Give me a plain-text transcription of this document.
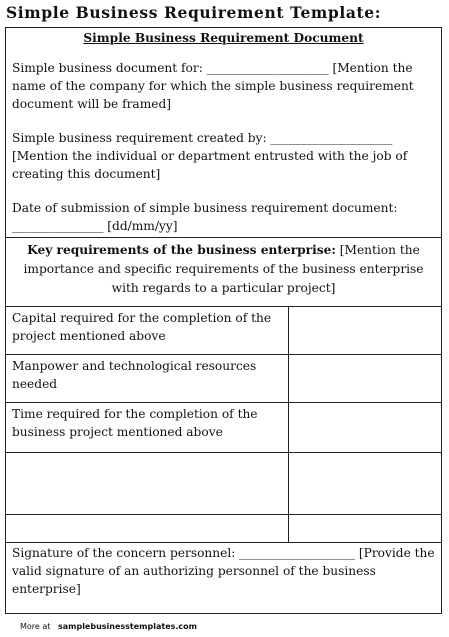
Simple Business Requirement Template:
Simple Business Requirement Document

Simple business document for: ____________________ [Mention the name of the company for which the simple business requirement document will be framed]

Simple business requirement created by: ____________________ [Mention the individual or department entrusted with the job of creating this document]

Date of submission of simple business requirement document: _______________ [dd/mm/yy]	

Key requirements of the business enterprise: [Mention the importance and specific requirements of the business enterprise with regards to a particular project]	

Capital required for the completion of the project mentioned above	
Manpower and technological resources needed	
Time required for the completion of the business project mentioned above	

Signature of the concern personnel: ___________________ [Provide the valid signature of an authorizing personnel of the business enterprise]	

More at samplebusinesstemplates.com
